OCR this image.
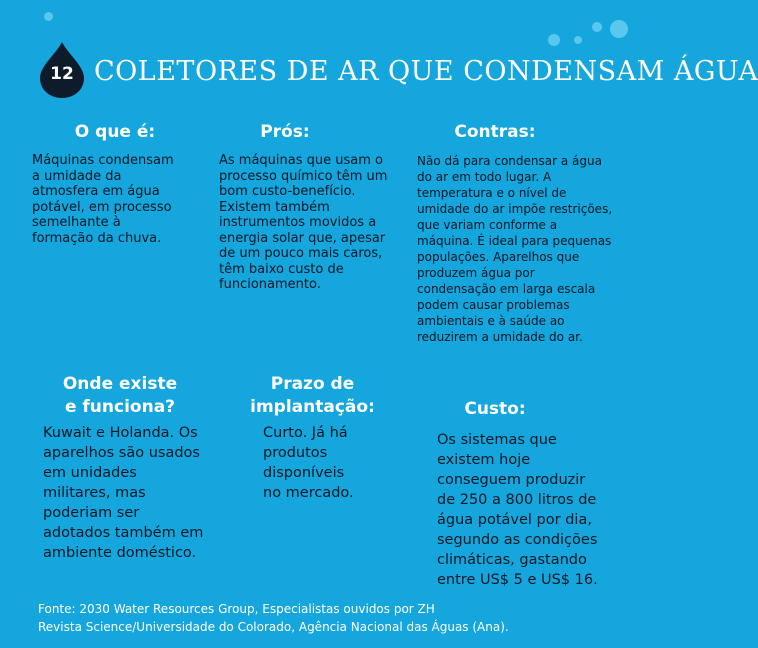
12 COLETORES DE AR QUE CONDENSAM ÁGUA
O que é:	Prós:	Contras:
Máquinas condensam
a umidade da
atmosfera em água
potável, em processo
semelhante à
formação da chuva.
As máquinas que usam o
processo químico têm um
bom custo-benefício.
Existem também
instrumentos movidos a
energia solar que, apesar
de um pouco mais caros,
têm baixo custo de
funcionamento.
Não dá para condensar a água
do ar em todo lugar. A
temperatura e o nível de
umidade do ar impõe restrições,
que variam conforme a
máquina. É ideal para pequenas
populações. Aparelhos que
produzem água por
condensação em larga escala
podem causar problemas
ambientais e à saúde ao
reduzirem a umidade do ar.
Onde existe
e funciona?
Prazo de
implantação:	Custo:
Kuwait e Holanda. Os
aparelhos são usados
em unidades
militares, mas
poderiam ser
adotados também em
ambiente doméstico.
Curto. Já há
produtos
disponíveis
no mercado.
Os sistemas que
existem hoje
conseguem produzir
de 250 a 800 litros de
água potável por dia,
segundo as condições
climáticas, gastando
entre US$ 5 e US$ 16.
Fonte: 2030 Water Resources Group, Especialistas ouvidos por ZH
Revista Science/Universidade do Colorado, Agência Nacional das Águas (Ana).
